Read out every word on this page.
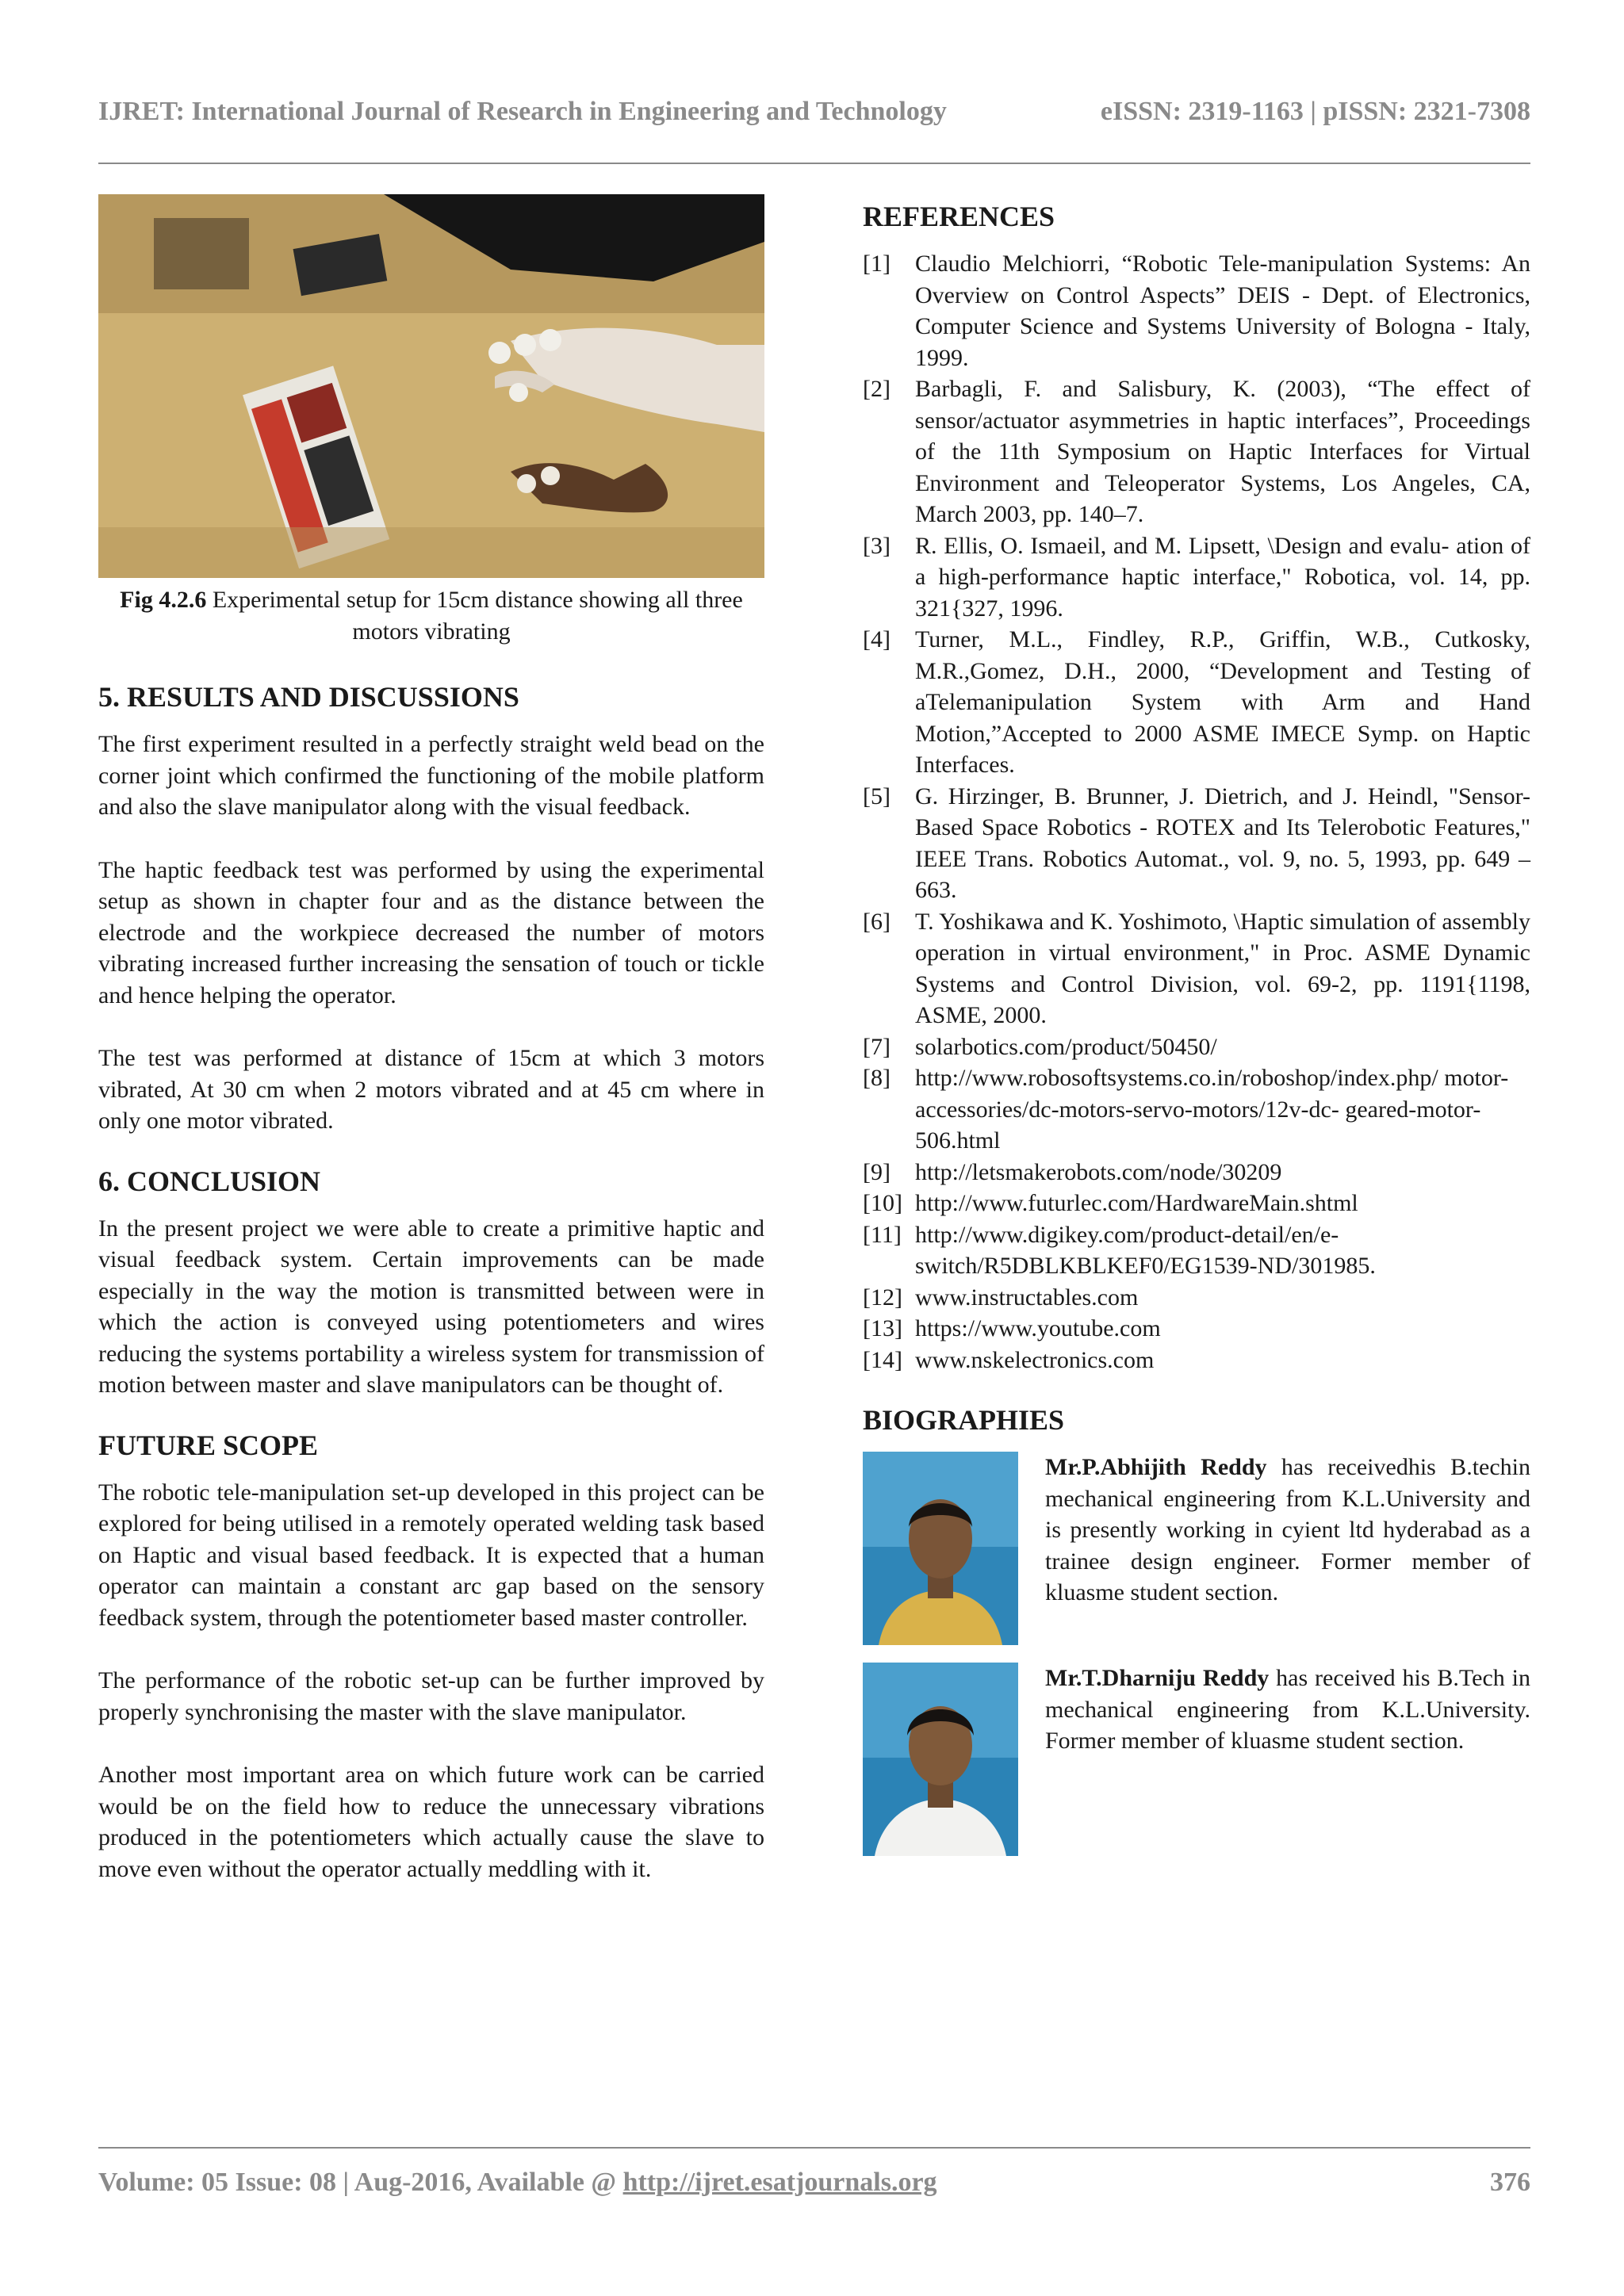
IJRET: International Journal of Research in Engineering and Technology	eISSN: 2319-1163 | pISSN: 2321-7308
Fig 4.2.6 Experimental setup for 15cm distance showing all three motors vibrating
5. RESULTS AND DISCUSSIONS

The first experiment resulted in a perfectly straight weld bead on the corner joint which confirmed the functioning of the mobile platform and also the slave manipulator along with the visual feedback.

The haptic feedback test was performed by using the experimental setup as shown in chapter four and as the distance between the electrode and the workpiece decreased the number of motors vibrating increased further increasing the sensation of touch or tickle and hence helping the operator.

The test was performed at distance of 15cm at which 3 motors vibrated, At 30 cm when 2 motors vibrated and at 45 cm where in only one motor vibrated.

6. CONCLUSION

In the present project we were able to create a primitive haptic and visual feedback system. Certain improvements can be made especially in the way the motion is transmitted between were in which the action is conveyed using potentiometers and wires reducing the systems portability a wireless system for transmission of motion between master and slave manipulators can be thought of.

FUTURE SCOPE

The robotic tele-manipulation set-up developed in this project can be explored for being utilised in a remotely operated welding task based on Haptic and visual based feedback. It is expected that a human operator can maintain a constant arc gap based on the sensory feedback system, through the potentiometer based master controller.

The performance of the robotic set-up can be further improved by properly synchronising the master with the slave manipulator.

Another most important area on which future work can be carried would be on the field how to reduce the unnecessary vibrations produced in the potentiometers which actually cause the slave to move even without the operator actually meddling with it.

REFERENCES
[1]	Claudio Melchiorri, “Robotic Tele-manipulation Systems: An Overview on Control Aspects” DEIS - Dept. of Electronics, Computer Science and Systems University of Bologna - Italy, 1999.
[2]	Barbagli, F. and Salisbury, K. (2003), “The effect of sensor/actuator asymmetries in haptic interfaces”, Proceedings of the 11th Symposium on Haptic Interfaces for Virtual Environment and Teleoperator Systems, Los Angeles, CA, March 2003, pp. 140–7.
[3]	R. Ellis, O. Ismaeil, and M. Lipsett, \Design and evalu- ation of a high-performance haptic interface," Robotica, vol. 14, pp. 321{327, 1996.
[4]	Turner, M.L., Findley, R.P., Griffin, W.B., Cutkosky, M.R.,Gomez, D.H., 2000, “Development and Testing of aTelemanipulation System with Arm and Hand Motion,”Accepted to 2000 ASME IMECE Symp. on Haptic Interfaces.
[5]	G. Hirzinger, B. Brunner, J. Dietrich, and J. Heindl, "Sensor- Based Space Robotics - ROTEX and Its Telerobotic Features," IEEE Trans. Robotics Automat., vol. 9, no. 5, 1993, pp. 649 – 663.
[6]	T. Yoshikawa and K. Yoshimoto, \Haptic simulation of assembly operation in virtual environment," in Proc. ASME Dynamic Systems and Control Division, vol. 69-2, pp. 1191{1198, ASME, 2000.
[7]	solarbotics.com/product/50450/
[8]	http://www.robosoftsystems.co.in/roboshop/index.php/ motor-accessories/dc-motors-servo-motors/12v-dc- geared-motor-506.html
[9]	http://letsmakerobots.com/node/30209
[10] http://www.futurlec.com/HardwareMain.shtml
[11] http://www.digikey.com/product-detail/en/e- switch/R5DBLKBLKEF0/EG1539-ND/301985.
[12] www.instructables.com
[13] https://www.youtube.com
[14] www.nskelectronics.com
BIOGRAPHIES
Mr.P.Abhijith Reddy has receivedhis B.techin mechanical engineering from K.L.University and is presently working in cyient ltd hyderabad as a trainee design engineer. Former member of kluasme student section.
Mr.T.Dharniju Reddy has received his B.Tech in mechanical engineering from K.L.University. Former member of kluasme student section.
Volume: 05 Issue: 08 | Aug-2016, Available @ http://ijret.esatjournals.org	376
